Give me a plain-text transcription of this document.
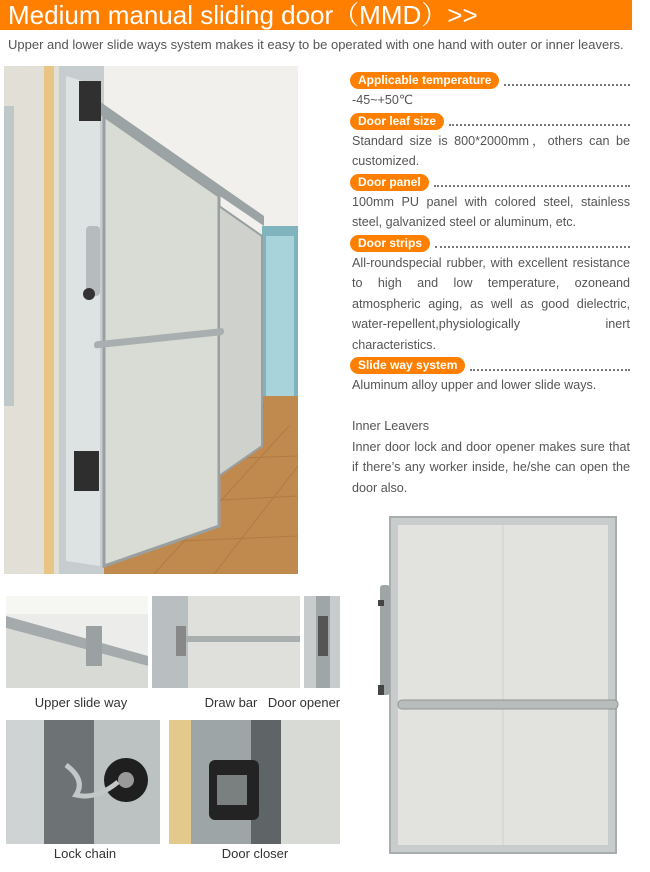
Medium manual sliding door（MMD）>>
Upper and lower slide ways system makes it easy to be operated with one hand with outer or inner leavers.
Applicable temperature
-45~+50℃
Door leaf size
Standard size is 800*2000mm，others can be customized.
Door panel
100mm PU panel with colored steel, stainless steel, galvanized steel or aluminum, etc.
Door strips
All-roundspecial rubber, with excellent resistance to high and low temperature, ozoneand atmospheric aging, as well as good dielectric, water-repellent,physiologically inert characteristics.
Slide way system
Aluminum alloy upper and lower slide ways.
Inner Leavers
Inner door lock and door opener makes sure that if there’s any worker inside, he/she can open the door also.
Upper slide way	Draw bar Door opener
Lock chain	Door closer
